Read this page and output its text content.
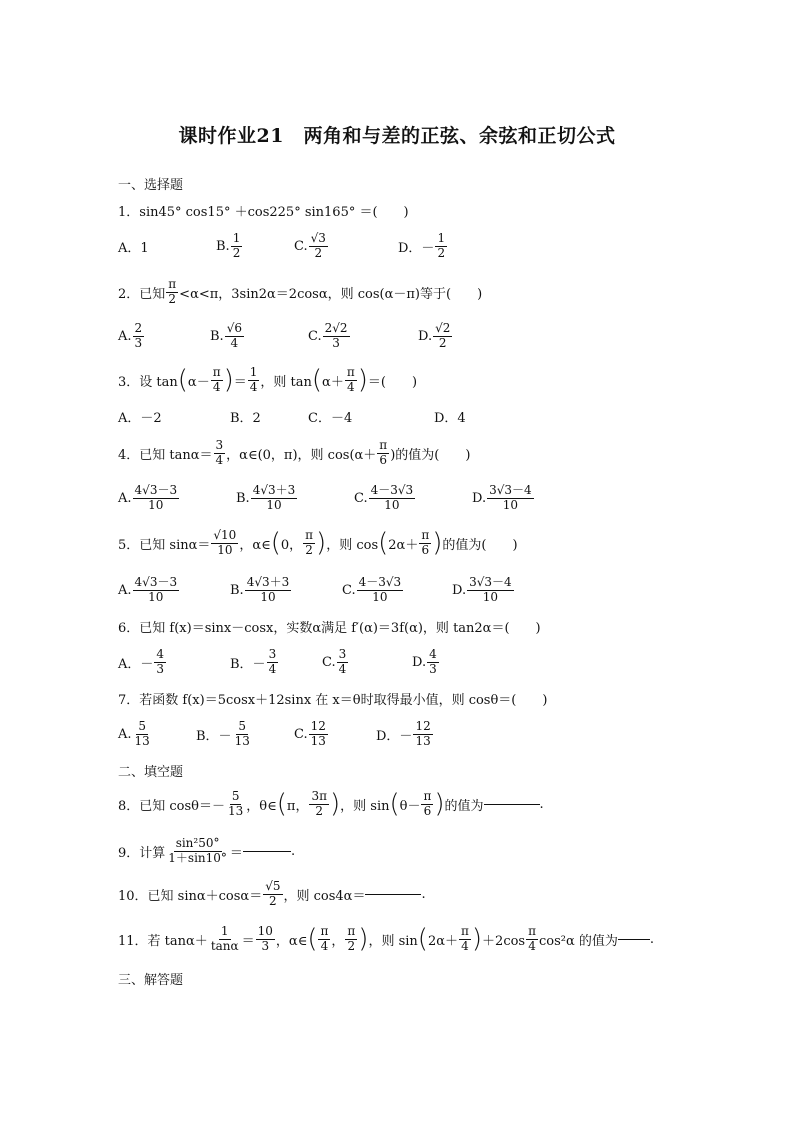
课时作业21　两角和与差的正弦、余弦和正切公式
一、选择题
1．sin45° cos15° ＋cos225° sin165° ＝(　　)
A．1	B. $\frac{1}{2}$	C. $\frac{√3}{2}$	D．－ $\frac{1}{2}$
2．已知 $\frac{\pi}{2} <\alpha<\pi$，3sin2α＝2cosα，则 cos(α－π)等于(　　)
A. $\frac{2}{3}$	B. $\frac{√6}{4}$	C. $\frac{2√2}{3}$	D. $\frac{√2}{2}$
3．设 tan ( $\alpha- \frac{\pi}{4}$ ) ＝ $\frac{1}{4}$ ，则 tan ( $\alpha+ \frac{\pi}{4}$ ) ＝(　　)
A．－2	B．2	C．－4	D．4
4．已知 $\tan\alpha= \frac{3}{4}$ ，α∈(0，π)，则 $\cos(\alpha+ \frac{\pi}{6}$ )的值为(　　)
A. $\frac{4√3-3}{10}$	B. $\frac{4√3+3}{10}$	C. $\frac{4-3√3}{10}$	D. $\frac{3√3-4}{10}$
5．已知 $\sin\alpha= \frac{√10}{10}$ ，α∈ ( 0， $\frac{\pi}{2}$ ) ，则 cos ( $2\alpha+ \frac{\pi}{6}$ ) 的值为(　　)
A. $\frac{4√3-3}{10}$	B. $\frac{4√3+3}{10}$	C. $\frac{4-3√3}{10}$	D. $\frac{3√3-4}{10}$
6．已知 f(x)＝sinx－cosx，实数α满足 f′(α)＝3f(α)，则 tan2α＝(　　)
A．－ $\frac{4}{3}$	B．－ $\frac{3}{4}$	C. $\frac{3}{4}$	D. $\frac{4}{3}$
7．若函数 f(x)＝5cosx＋12sinx 在 x＝θ时取得最小值，则 cosθ＝(　　)
A. $\frac{5}{13}$	B．－ $\frac{5}{13}$	C. $\frac{12}{13}$	D．－ $\frac{12}{13}$
二、填空题
8．已知 $\cos\theta=- \frac{5}{13}$ ，θ∈ ( π， $\frac{3\pi}{2}$ ) ，则 sin ( $\theta- \frac{\pi}{6}$ ) 的值为	.
9．计算 $\frac{\text{sin²50°}}{1+\sin 10^\circ}$ ＝	.
10．已知 $\sin\alpha+\cos\alpha= \frac{√5}{2}$ ，则 cos4α＝	.
11．若 $\tan\alpha+ \frac{1}{\tan\alpha} = \frac{10}{3}$ ，α∈ ( $\frac{\pi}{4}$ ， $\frac{\pi}{2}$ ) ，则 sin ( $2\alpha+ \frac{\pi}{4}$ ) $+2\cos \frac{\pi}{4} \cos^2\alpha$ 的值为 .
三、解答题
